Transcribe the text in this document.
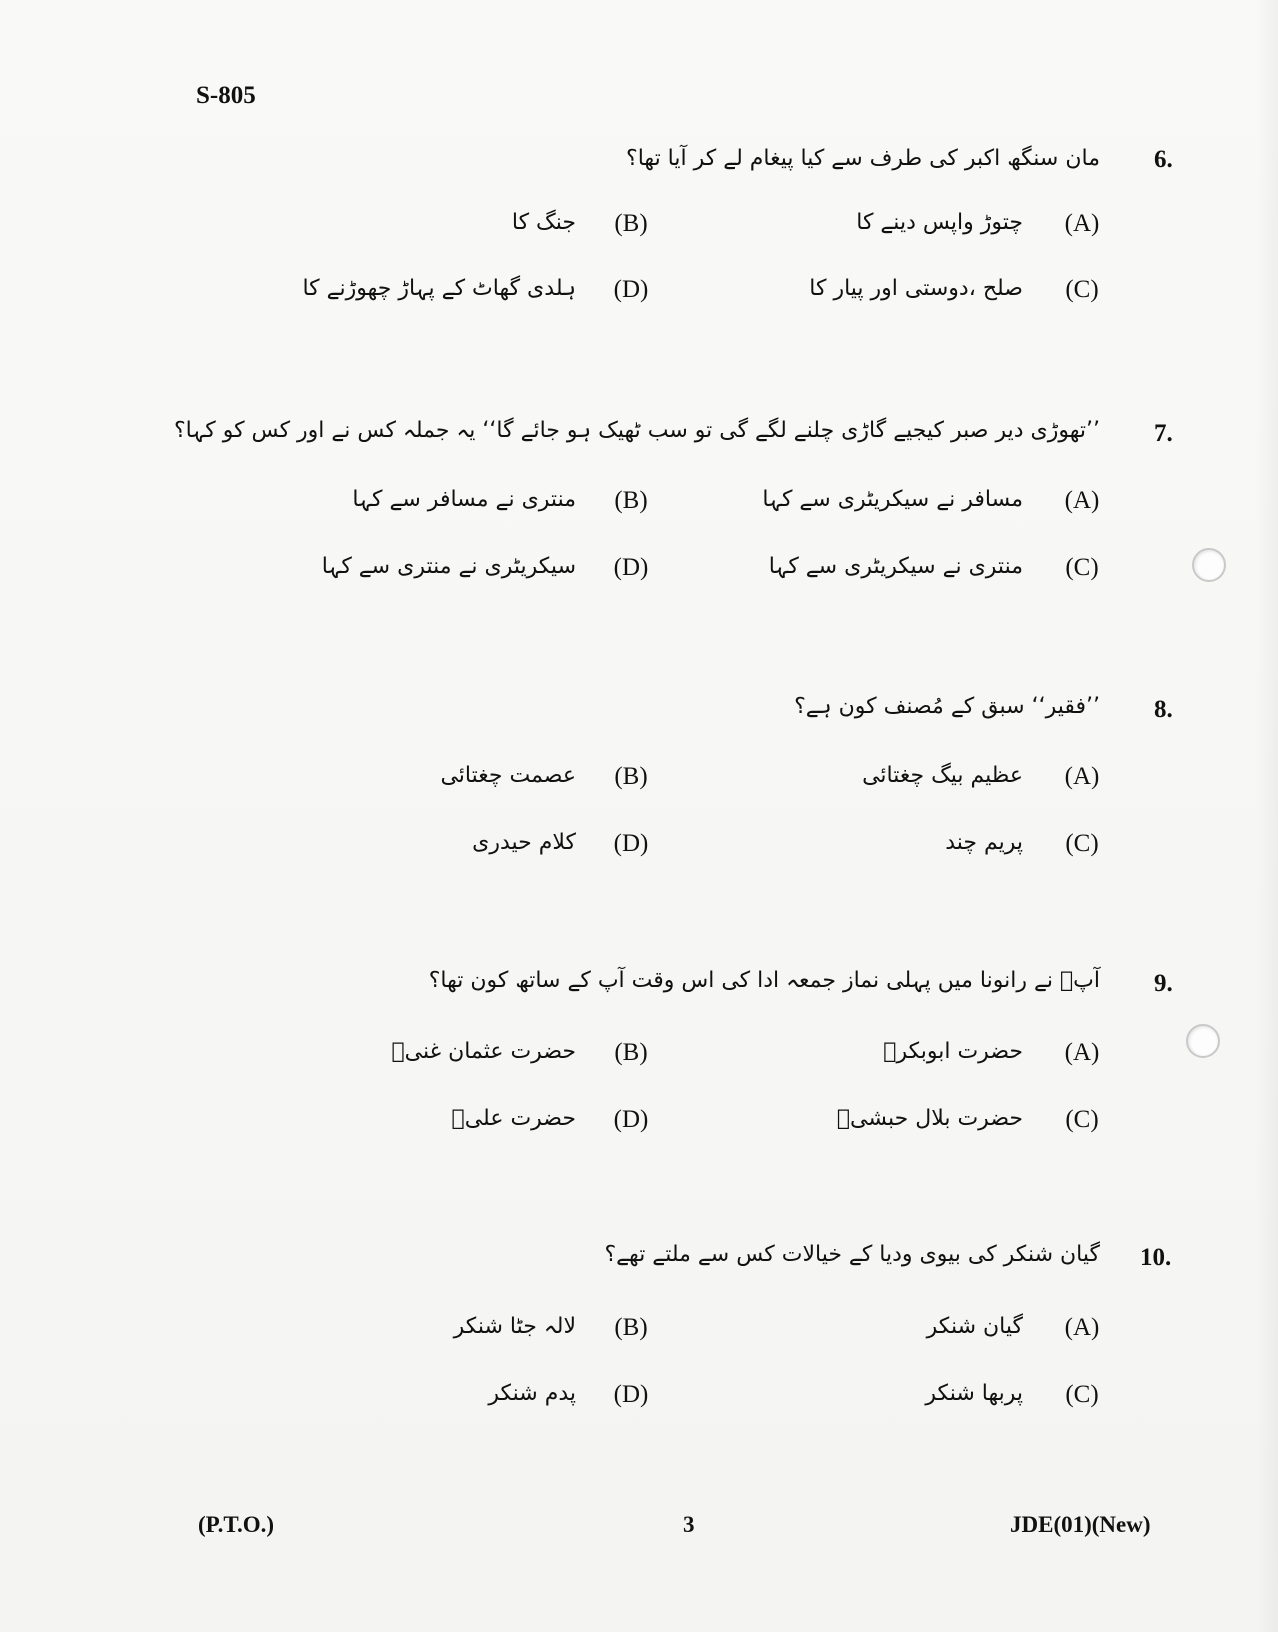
S-805
6.
مان سنگھ اکبر کی طرف سے کیا پیغام لے کر آیا تھا؟
(A)
چتوڑ واپس دینے کا
(B)
جنگ کا
(C)
صلح ،دوستی اور پیار کا
(D)
ہلدی گھاٹ کے پہاڑ چھوڑنے کا
7.
’’تھوڑی دیر صبر کیجیے گاڑی چلنے لگے گی تو سب ٹھیک ہو جائے گا‘‘ یہ جملہ کس نے اور کس کو کہا؟
(A)
مسافر نے سیکریٹری سے کہا
(B)
منتری نے مسافر سے کہا
(C)
منتری نے سیکریٹری سے کہا
(D)
سیکریٹری نے منتری سے کہا
8.
’’فقیر‘‘ سبق کے مُصنف کون ہے؟
(A)
عظیم بیگ چغتائی
(B)
عصمت چغتائی
(C)
پریم چند
(D)
کلام حیدری
9.
آپؐ نے رانونا میں پہلی نماز جمعہ ادا کی اس وقت آپ کے ساتھ کون تھا؟
(A)
حضرت ابوبکرؓ
(B)
حضرت عثمان غنیؓ
(C)
حضرت بلال حبشیؓ
(D)
حضرت علیؓ
10.
گیان شنکر کی بیوی ودیا کے خیالات کس سے ملتے تھے؟
(A)
گیان شنکر
(B)
لالہ جٹا شنکر
(C)
پربھا شنکر
(D)
پدم شنکر
(P.T.O.)	3	JDE(01)(New)
